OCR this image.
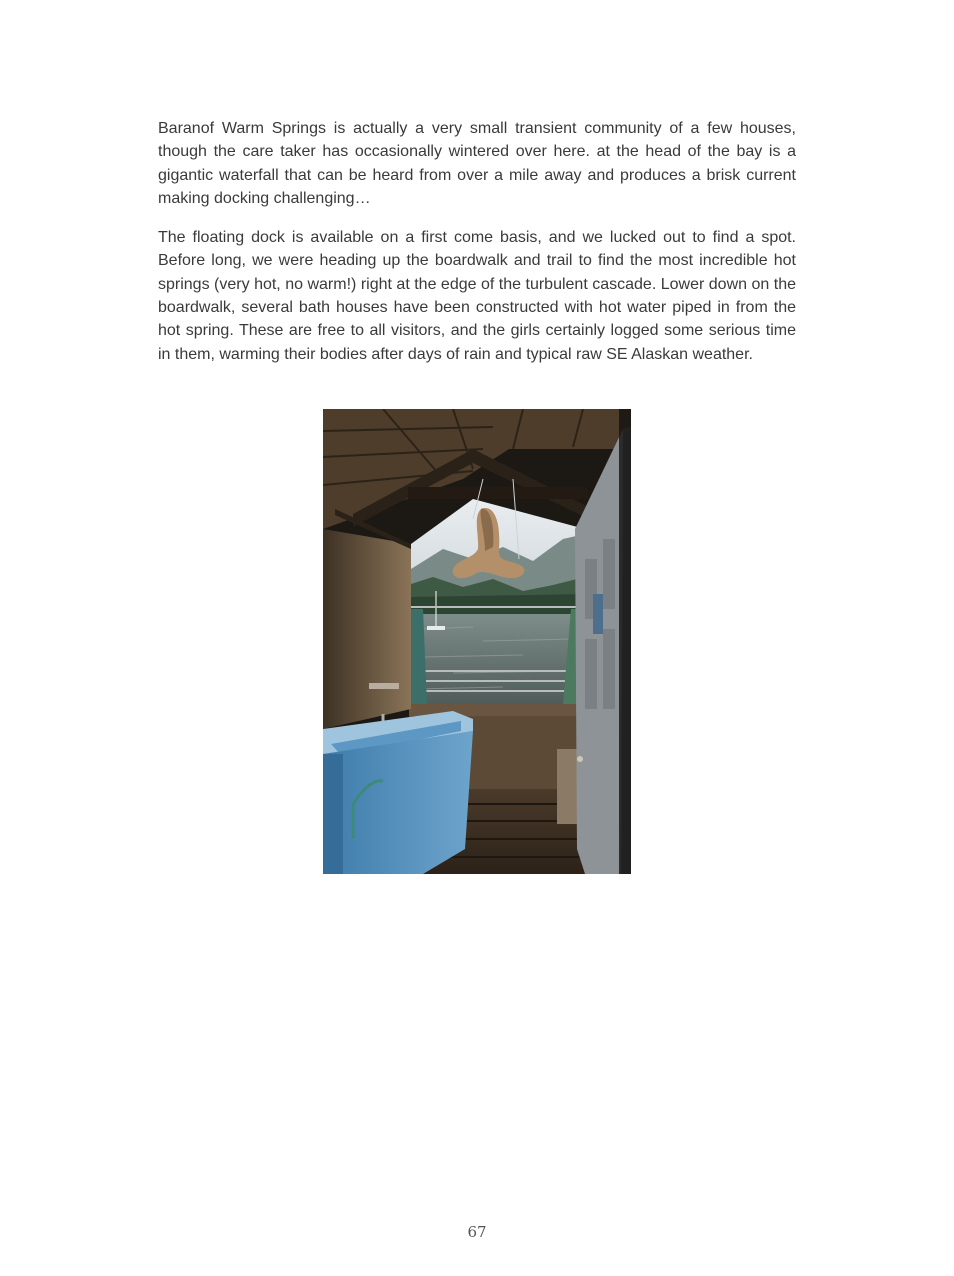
Baranof Warm Springs is actually a very small transient community of a few houses, though the care taker has occasionally wintered over here. at the head of the bay is a gigantic waterfall that can be heard from over a mile away and produces a brisk current making docking challenging…

The floating dock is available on a first come basis, and we lucked out to find a spot. Before long, we were heading up the boardwalk and trail to find the most incredible hot springs (very hot, no warm!) right at the edge of the turbulent cascade. Lower down on the boardwalk, several bath houses have been constructed with hot water piped in from the hot spring. These are free to all visitors, and the girls certainly logged some serious time in them, warming their bodies after days of rain and typical raw SE Alaskan weather.

67
